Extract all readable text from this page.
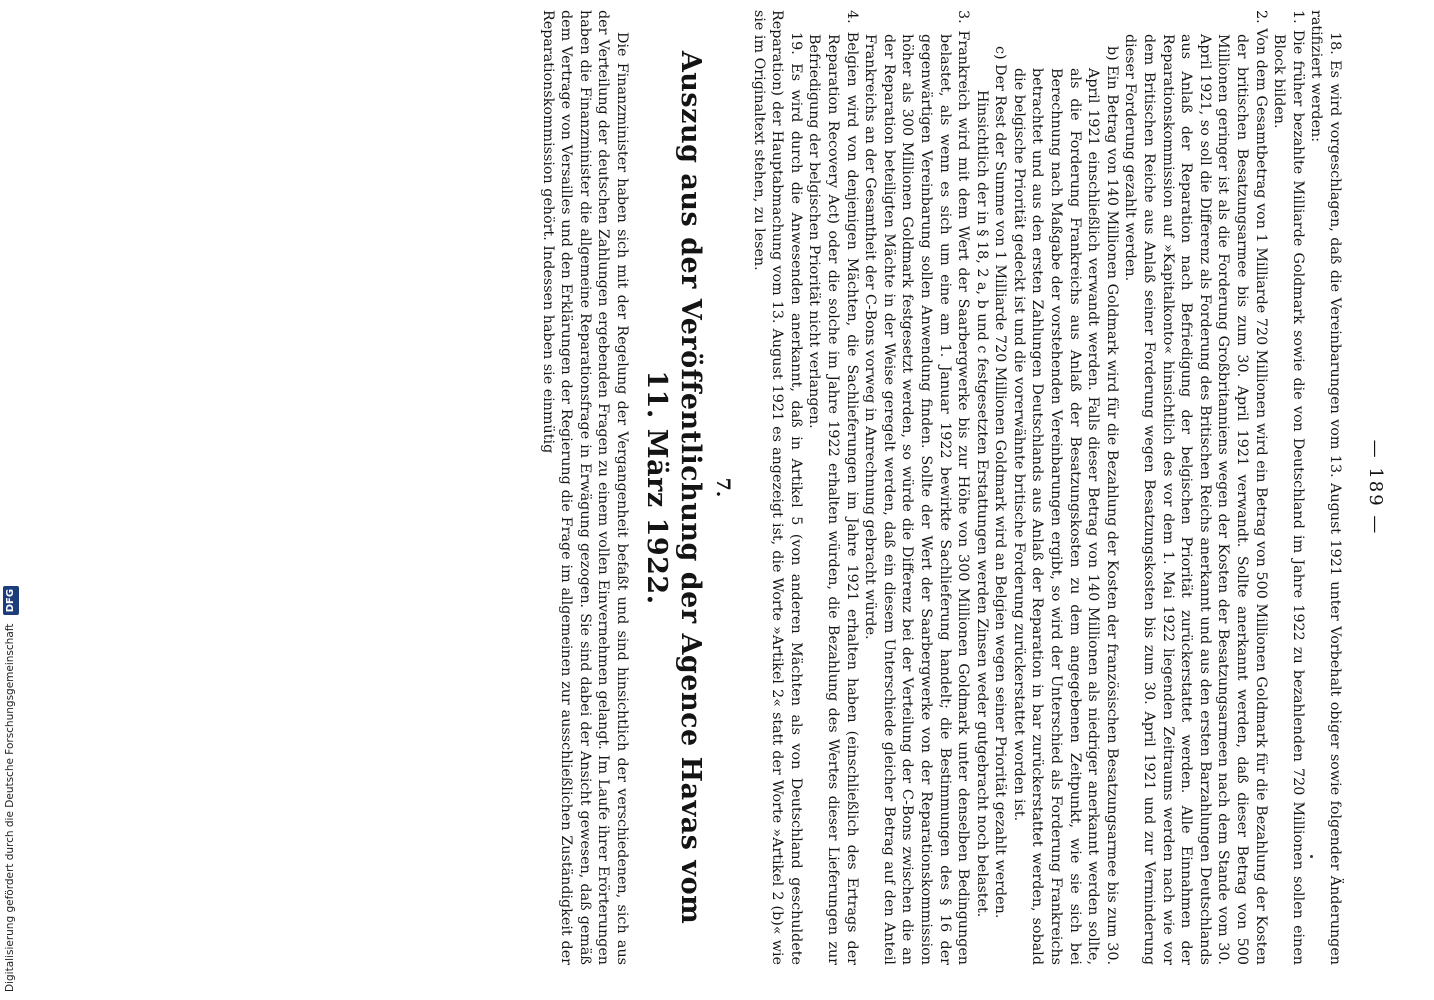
— 189 —

18. Es wird vorgeschlagen, daß die Vereinbarungen vom 13. August 1921 unter Vorbehalt obiger sowie folgender Änderungen ratifiziert werden:

1. Die früher bezahlte Milliarde Goldmark sowie die von Deutschland im Jahre 1922 zu bezahlenden 720 Millionen sollen einen Block bilden.

2. Von dem Gesamtbetrag von 1 Milliarde 720 Millionen wird ein Betrag von 500 Millionen Goldmark für die Bezahlung der Kosten der britischen Besatzungsarmee bis zum 30. April 1921 verwandt. Sollte anerkannt werden, daß dieser Betrag von 500 Millionen geringer ist als die Forderung Großbritanniens wegen der Kosten der Besatzungsarmeen nach dem Stande vom 30. April 1921, so soll die Differenz als Forderung des Britischen Reichs anerkannt und aus den ersten Barzahlungen Deutschlands aus Anlaß der Reparation nach Befriedigung der belgischen Priorität zurückerstattet werden. Alle Einnahmen der Reparationskommission auf »Kapitalkonto« hinsichtlich des vor dem 1. Mai 1922 liegenden Zeitraums werden nach wie vor dem Britischen Reiche aus Anlaß seiner Forderung wegen Besatzungskosten bis zum 30. April 1921 und zur Verminderung dieser Forderung gezahlt werden.

b) Ein Betrag von 140 Millionen Goldmark wird für die Bezahlung der Kosten der französischen Besatzungsarmee bis zum 30. April 1921 einschließlich verwandt werden. Falls dieser Betrag von 140 Millionen als niedriger anerkannt werden sollte, als die Forderung Frankreichs aus Anlaß der Besatzungskosten zu dem angegebenen Zeitpunkt, wie sie sich bei Berechnung nach Maßgabe der vorstehenden Vereinbarungen ergibt, so wird der Unterschied als Forderung Frankreichs betrachtet und aus den ersten Zahlungen Deutschlands aus Anlaß der Reparation in bar zurückerstattet werden, sobald die belgische Priorität gedeckt ist und die vorerwähnte britische Forderung zurückerstattet worden ist.

c) Der Rest der Summe von 1 Milliarde 720 Millionen Goldmark wird an Belgien wegen seiner Priorität gezahlt werden.

Hinsichtlich der in § 18, 2 a, b und c festgesetzten Erstattungen werden Zinsen weder gutgebracht noch belastet.

3. Frankreich wird mit dem Wert der Saarbergwerke bis zur Höhe von 300 Millionen Goldmark unter denselben Bedingungen belastet, als wenn es sich um eine am 1. Januar 1922 bewirkte Sachlieferung handelt; die Bestimmungen des § 16 der gegenwärtigen Vereinbarung sollen Anwendung finden. Sollte der Wert der Saarbergwerke von der Reparationskommission höher als 300 Millionen Goldmark festgesetzt werden, so würde die Differenz bei der Verteilung der C-Bons zwischen die an der Reparation beteiligten Mächte in der Weise geregelt werden, daß ein diesem Unterschiede gleicher Betrag auf den Anteil Frankreichs an der Gesamtheit der C-Bons vorweg in Anrechnung gebracht würde.

4. Belgien wird von denjenigen Mächten, die Sachlieferungen im Jahre 1921 erhalten haben (einschließlich des Ertrags der Reparation Recovery Act) oder die solche im Jahre 1922 erhalten würden, die Bezahlung des Wertes dieser Lieferungen zur Befriedigung der belgischen Priorität nicht verlangen.

19. Es wird durch die Anwesenden anerkannt, daß in Artikel 5 (von anderen Mächten als von Deutschland geschuldete Reparation) der Hauptabmachung vom 13. August 1921 es angezeigt ist, die Worte »Artikel 2« statt der Worte »Artikel 2 (b)« wie sie im Originaltext stehen, zu lesen.

7.
Auszug aus der Veröffentlichung der Agence Havas vom
11. März 1922.

Die Finanzminister haben sich mit der Regelung der Vergangenheit befaßt und sind hinsichtlich der verschiedenen, sich aus der Verteilung der deutschen Zahlungen ergebenden Fragen zu einem vollen Einvernehmen gelangt. Im Laufe ihrer Erörterungen haben die Finanzminister die allgemeine Reparationsfrage in Erwägung gezogen. Sie sind dabei der Ansicht gewesen, daß gemäß dem Vertrage von Versailles und den Erklärungen der Regierung die Frage im allgemeinen zur ausschließlichen Zuständigkeit der Reparationskommission gehört. Indessen haben sie einmütig

Digitalisierung gefördert durch die Deutsche Forschungsgemeinschaft DFG
